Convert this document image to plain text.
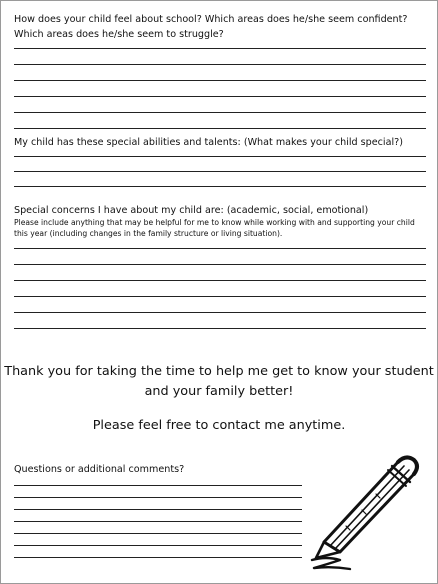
How does your child feel about school? Which areas does he/she seem confident? Which areas does he/she seem to struggle?

My child has these special abilities and talents: (What makes your child special?)

Special concerns I have about my child are: (academic, social, emotional)

Please include anything that may be helpful for me to know while working with and supporting your child this year (including changes in the family structure or living situation).

Thank you for taking the time to help me get to know your student

and your family better!

Please feel free to contact me anytime.

Questions or additional comments?
